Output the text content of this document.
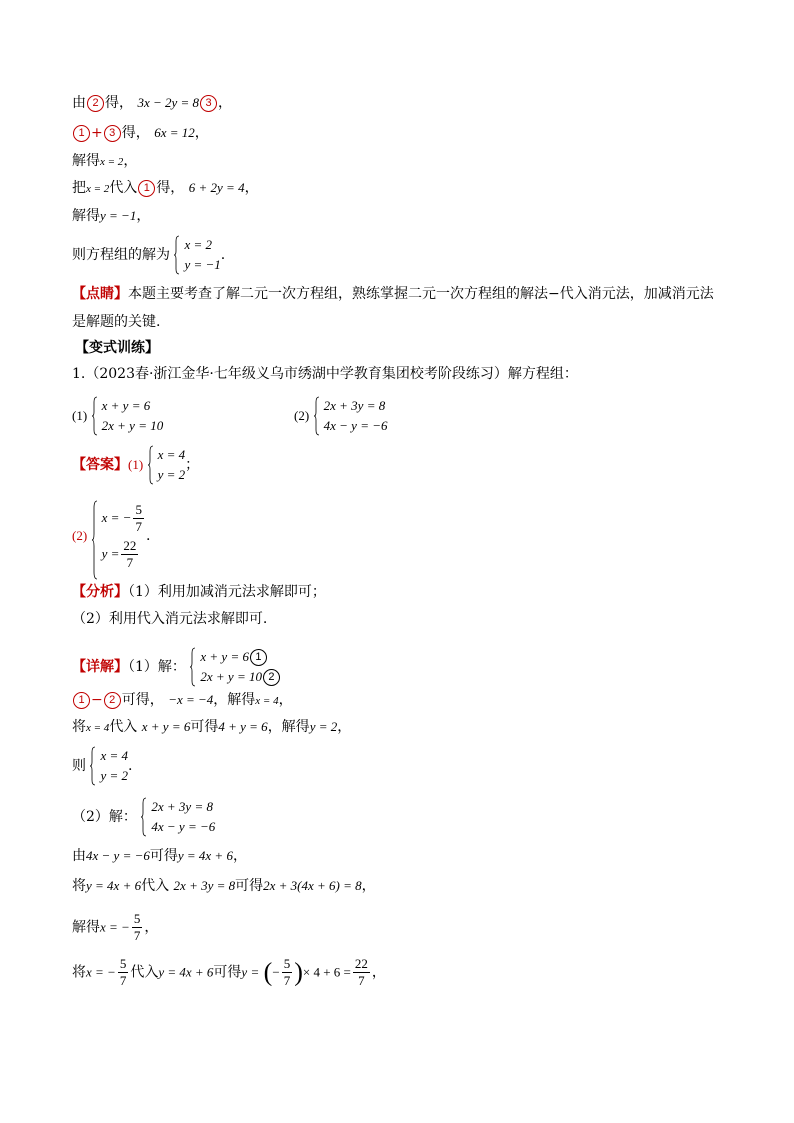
由 2 得， 3x − 2y = 8 3 ，
1 + 3 得， 6x = 12，
解得x = 2，
把x = 2代入 1 得， 6 + 2y = 4，
解得y = −1，
则方程组的解为
x = 2
y = −1
.
【点睛】本题主要考查了解二元一次方程组，熟练掌握二元一次方程组的解法−代入消元法，加减消元法
是解题的关键.
【变式训练】
1.（2023春·浙江金华·七年级义乌市绣湖中学教育集团校考阶段练习）解方程组：
(1)
x + y = 6
2x + y = 10
(2)
2x + 3y = 8
4x − y = −6
【答案】(1)
x = 4
y = 2
；
(2)
x = − $\frac{5}{7}$
$y = \frac{22}{7}$
.
【分析】（1）利用加减消元法求解即可；
（2）利用代入消元法求解即可.
【详解】（1）解：
x + y = 6 1
2x + y = 10 2
1 − 2 可得， −x = −4，解得x = 4，
将x = 4代入 x + y = 6可得4 + y = 6，解得y = 2，
则
x = 4
y = 2
.
（2）解：
2x + 3y = 8
4x − y = −6
由4x − y = −6可得y = 4x + 6，
将y = 4x + 6代入 2x + 3y = 8可得2x + 3(4x + 6) = 8，
解得x = − $\frac{5}{7}$ ，
将x = − $\frac{5}{7}$ 代入y = 4x + 6可得y = (− $\frac{5}{7}$ )× $4 + 6 = \frac{22}{7}$ ，
